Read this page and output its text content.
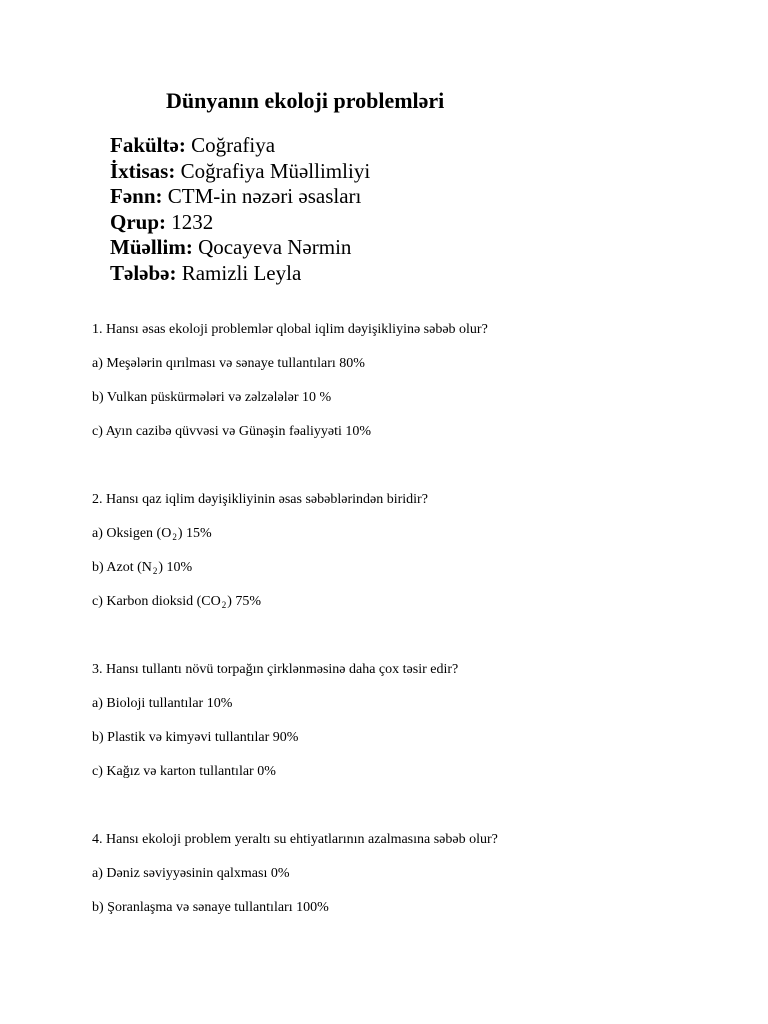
Dünyanın ekoloji problemləri
Fakültə: Coğrafiya
İxtisas: Coğrafiya Müəllimliyi
Fənn: CTM-in nəzəri əsasları
Qrup: 1232
Müəllim: Qocayeva Nərmin
Tələbə: Ramizli Leyla
1. Hansı əsas ekoloji problemlər qlobal iqlim dəyişikliyinə səbəb olur?
a) Meşələrin qırılması və sənaye tullantıları 80%
b) Vulkan püskürmələri və zəlzələlər 10 %
c) Ayın cazibə qüvvəsi və Günəşin fəaliyyəti 10%
2. Hansı qaz iqlim dəyişikliyinin əsas səbəblərindən biridir?
a) Oksigen $(O_2)$ 15%
b) Azot $(N_2)$ 10%
c) Karbon dioksid $(CO_2)$ 75%
3. Hansı tullantı növü torpağın çirklənməsinə daha çox təsir edir?
a) Bioloji tullantılar 10%
b) Plastik və kimyəvi tullantılar 90%
c) Kağız və karton tullantılar 0%
4. Hansı ekoloji problem yeraltı su ehtiyatlarının azalmasına səbəb olur?
a) Dəniz səviyyəsinin qalxması 0%
b) Şoranlaşma və sənaye tullantıları 100%
